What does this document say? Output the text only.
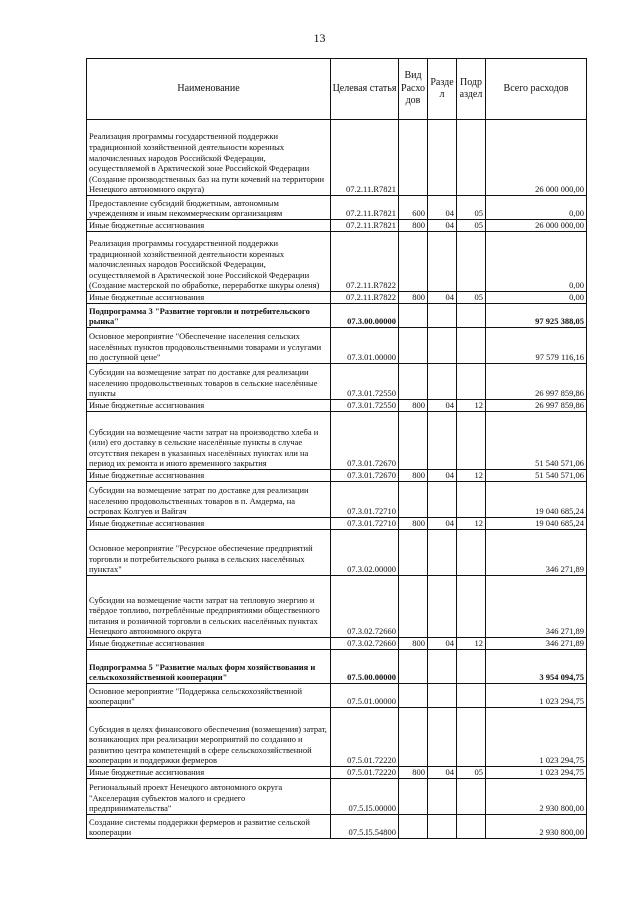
13
Наименование	Целевая статья	Вид Расхо дов	Разде л	Подр аздел	Всего расходов
Реализация программы государственной поддержки традиционной хозяйственной деятельности коренных малочисленных народов Российской Федерации, осуществляемой в Арктической зоне Российской Федерации (Создание производственных баз на пути кочевий на территории Ненецкого автономного округа)	07.2.11.R7821				26 000 000,00
Предоставление субсидий бюджетным, автономным учреждениям и иным некоммерческим организациям	07.2.11.R7821	600	04	05	0,00
Иные бюджетные ассигнования	07.2.11.R7821	800	04	05	26 000 000,00
Реализация программы государственной поддержки традиционной хозяйственной деятельности коренных малочисленных народов Российской Федерации, осуществляемой в Арктической зоне Российской Федерации (Создание мастерской по обработке, переработке шкуры оленя)	07.2.11.R7822				0,00
Иные бюджетные ассигнования	07.2.11.R7822	800	04	05	0,00
Подпрограмма 3 "Развитие торговли и потребительского рынка"	07.3.00.00000				97 925 388,05
Основное мероприятие "Обеспечение населения сельских населённых пунктов продовольственными товарами и услугами по доступной цене"	07.3.01.00000				97 579 116,16
Субсидии на возмещение затрат по доставке для реализации населению продовольственных товаров в сельские населённые пункты	07.3.01.72550				26 997 859,86
Иные бюджетные ассигнования	07.3.01.72550	800	04	12	26 997 859,86
Субсидии на возмещение части затрат на производство хлеба и (или) его доставку в сельские населённые пункты в случае отсутствия пекарен в указанных населённых пунктах или на период их ремонта и иного временного закрытия	07.3.01.72670				51 540 571,06
Иные бюджетные ассигнования	07.3.01.72670	800	04	12	51 540 571,06
Субсидии на возмещение затрат по доставке для реализации населению продовольственных товаров в п. Амдерма, на островах Колгуев и Вайгач	07.3.01.72710				19 040 685,24
Иные бюджетные ассигнования	07.3.01.72710	800	04	12	19 040 685,24
Основное мероприятие "Ресурсное обеспечение предприятий торговли и потребительского рынка в сельских населённых пунктах"	07.3.02.00000				346 271,89
Субсидии на возмещение части затрат на тепловую энергию и твёрдое топливо, потреблённые предприятиями общественного питания и розничной торговли в сельских населённых пунктах Ненецкого автономного округа	07.3.02.72660				346 271,89
Иные бюджетные ассигнования	07.3.02.72660	800	04	12	346 271,89
Подпрограмма 5 "Развитие малых форм хозяйствования и сельскохозяйственной кооперации"	07.5.00.00000				3 954 094,75
Основное мероприятие "Поддержка сельскохозяйственной кооперации"	07.5.01.00000				1 023 294,75
Субсидия в целях финансового обеспечения (возмещения) затрат, возникающих при реализации мероприятий по созданию и развитию центра компетенций в сфере сельскохозяйственной кооперации и поддержки фермеров	07.5.01.72220				1 023 294,75
Иные бюджетные ассигнования	07.5.01.72220	800	04	05	1 023 294,75
Региональный проект Ненецкого автономного округа "Акселерация субъектов малого и среднего предпринимательства"	07.5.I5.00000				2 930 800,00
Создание системы поддержки фермеров и развитие сельской кооперации	07.5.I5.54800				2 930 800,00
